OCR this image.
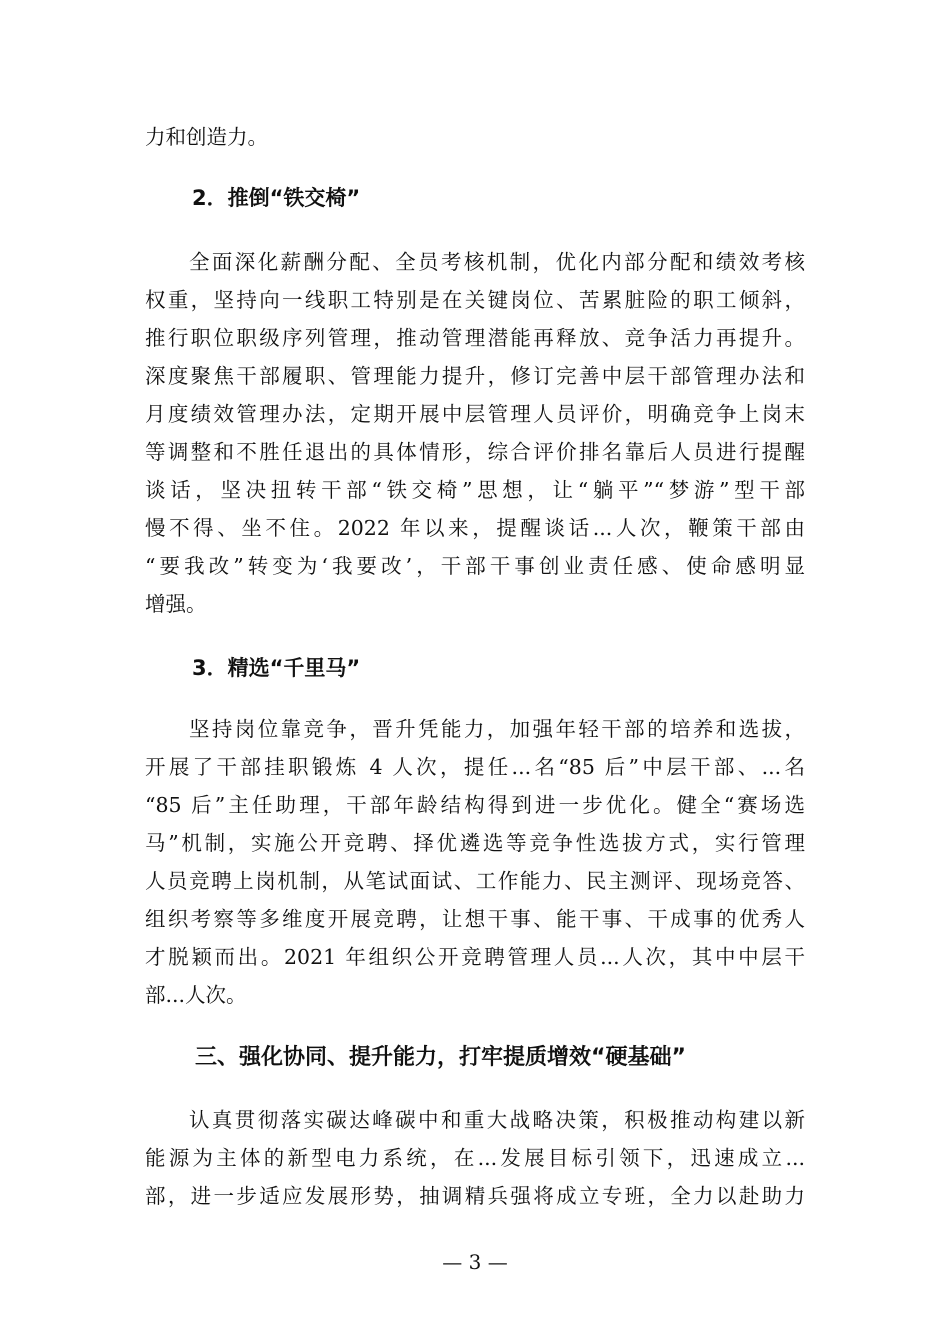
力和创造力。
2．推倒“铁交椅”
全面深化薪酬分配、全员考核机制，优化内部分配和绩效考核
权重，坚持向一线职工特别是在关键岗位、苦累脏险的职工倾斜，
推行职位职级序列管理，推动管理潜能再释放、竞争活力再提升。
深度聚焦干部履职、管理能力提升，修订完善中层干部管理办法和
月度绩效管理办法，定期开展中层管理人员评价，明确竞争上岗末
等调整和不胜任退出的具体情形，综合评价排名靠后人员进行提醒
谈话，坚决扭转干部“铁交椅”思想，让“躺平”“梦游”型干部
慢不得、坐不住。2022 年以来，提醒谈话...人次，鞭策干部由
“要我改”转变为‘我要改’，干部干事创业责任感、使命感明显
增强。
3．精选“千里马”
坚持岗位靠竞争，晋升凭能力，加强年轻干部的培养和选拔，
开展了干部挂职锻炼 4 人次，提任...名“85 后”中层干部、...名
“85 后”主任助理，干部年龄结构得到进一步优化。健全“赛场选
马”机制，实施公开竞聘、择优遴选等竞争性选拔方式，实行管理
人员竞聘上岗机制，从笔试面试、工作能力、民主测评、现场竞答、
组织考察等多维度开展竞聘，让想干事、能干事、干成事的优秀人
才脱颖而出。2021 年组织公开竞聘管理人员...人次，其中中层干
部...人次。
三、强化协同、提升能力，打牢提质增效“硬基础”
认真贯彻落实碳达峰碳中和重大战略决策，积极推动构建以新
能源为主体的新型电力系统，在...发展目标引领下，迅速成立...
部，进一步适应发展形势，抽调精兵强将成立专班，全力以赴助力
— 3 —
